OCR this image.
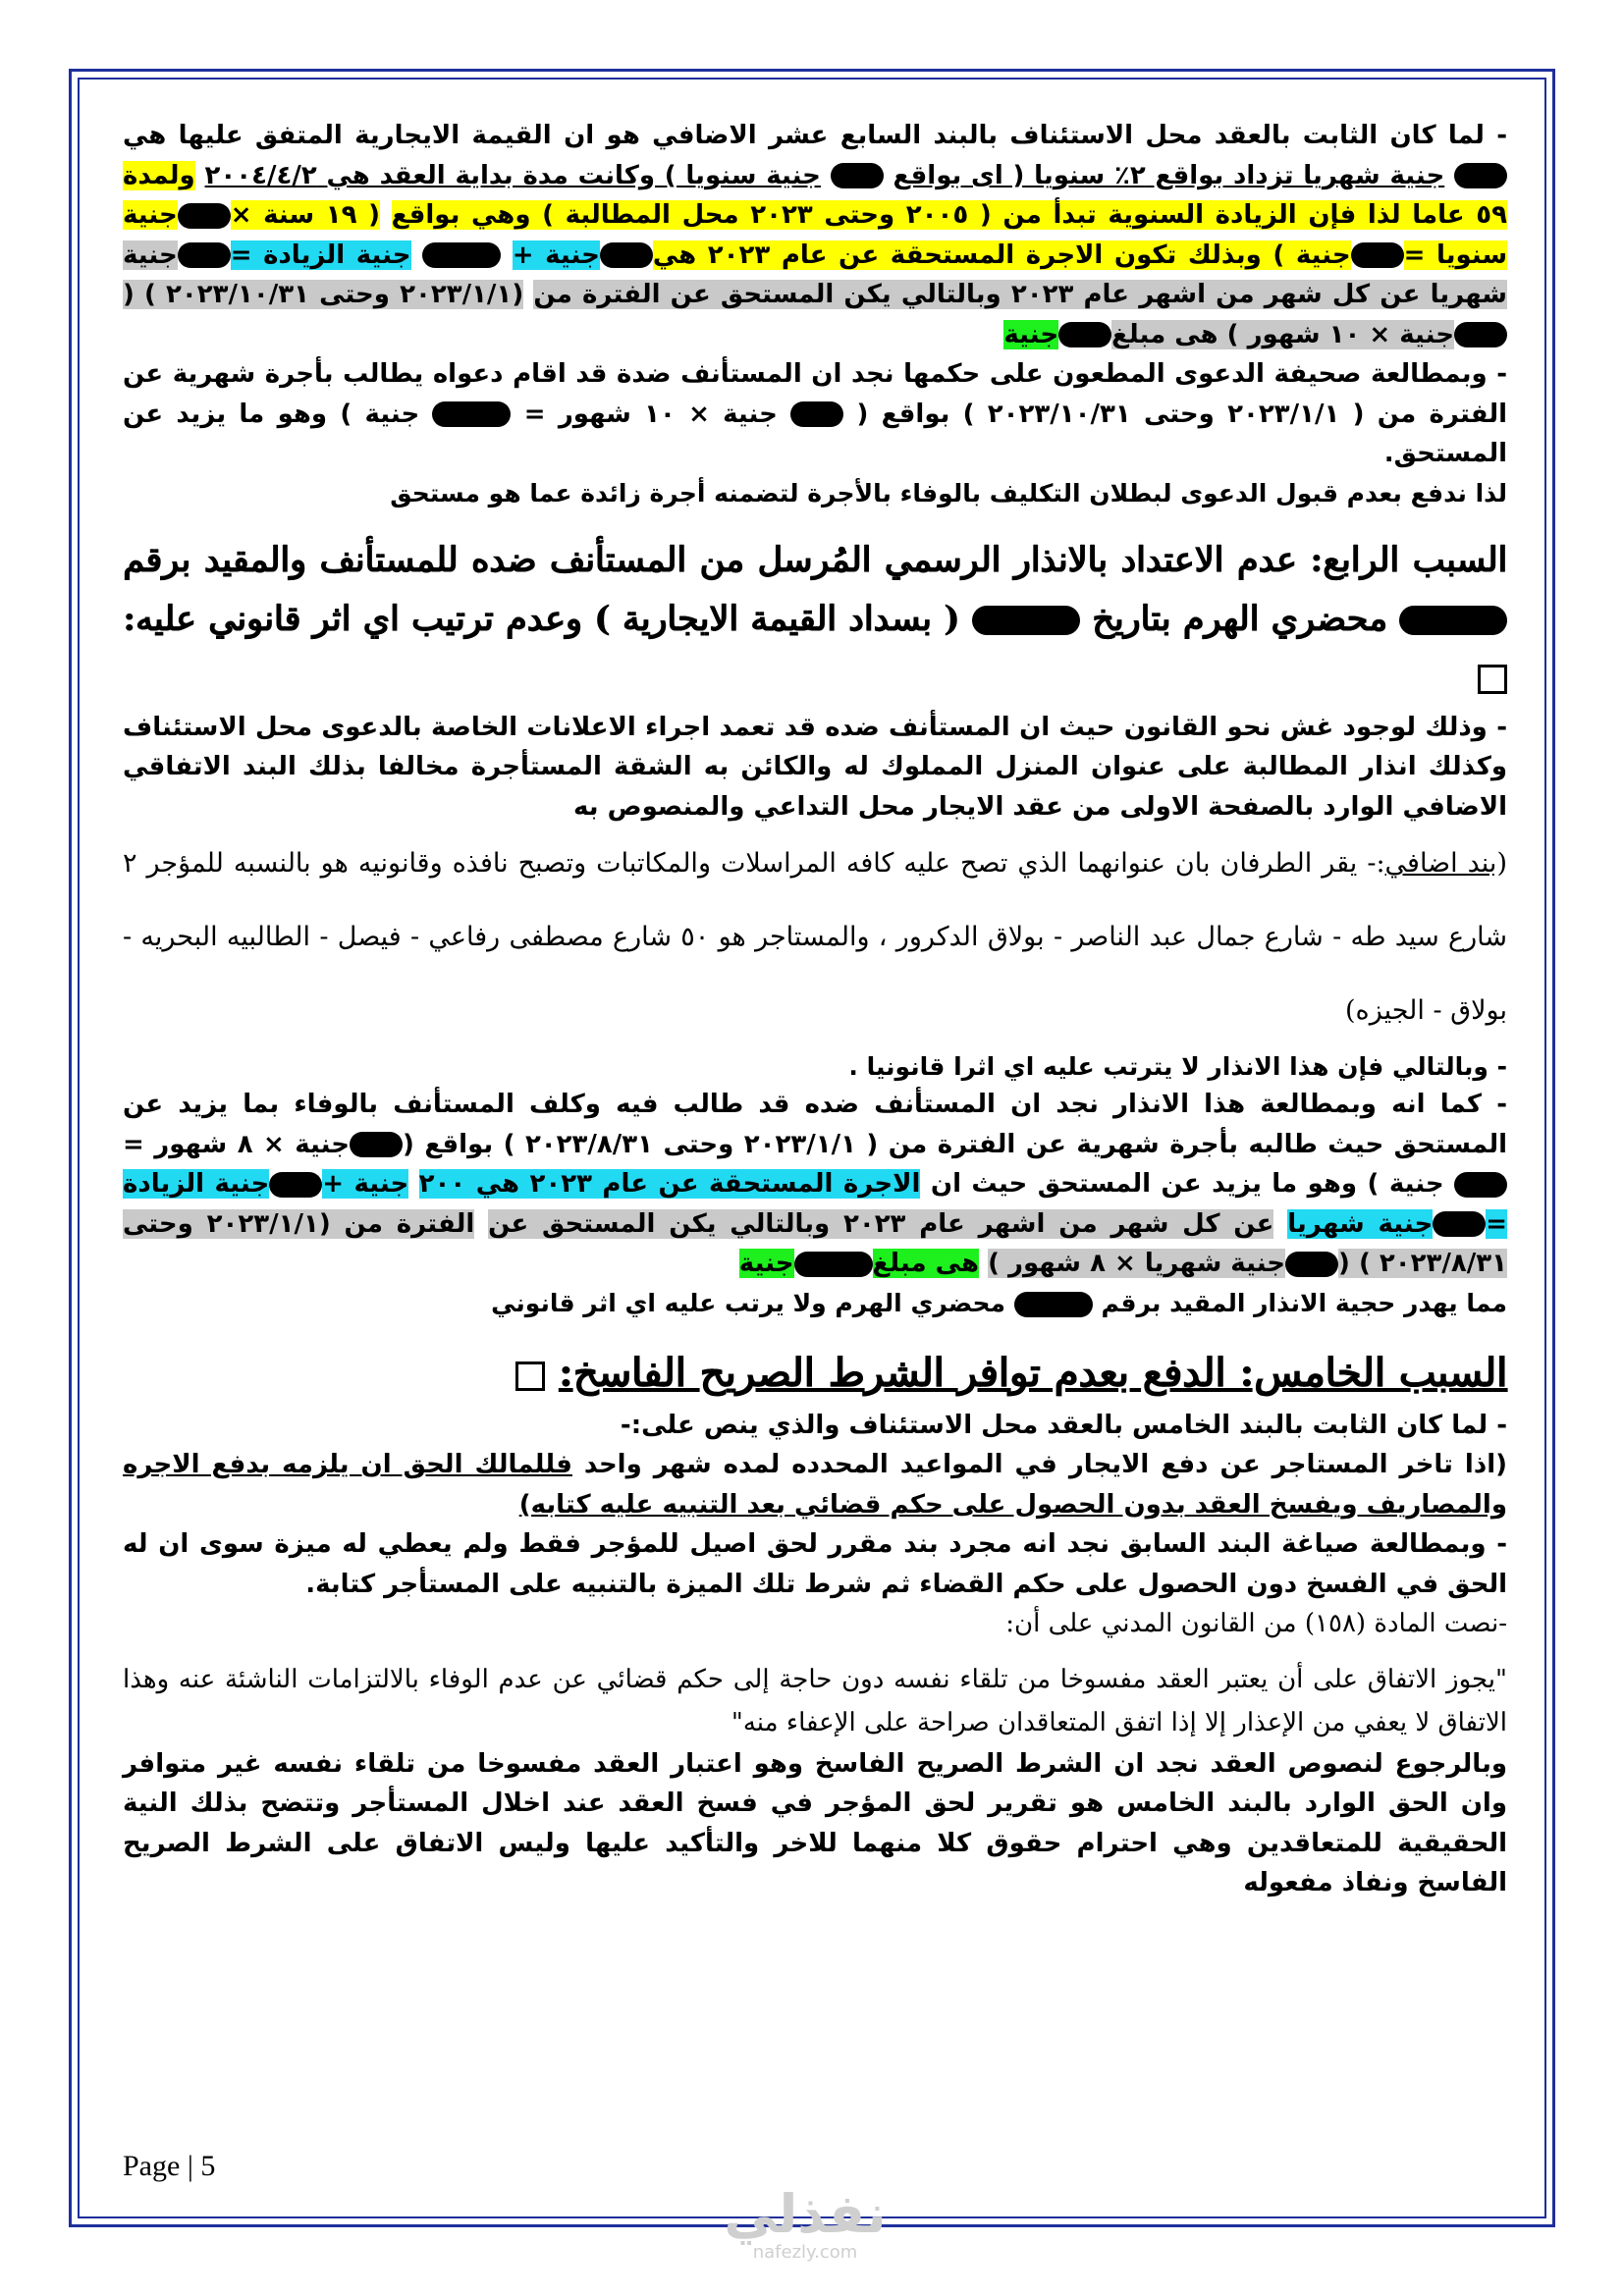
- لما كان الثابت بالعقد محل الاستئناف بالبند السابع عشر الاضافي هو ان القيمة الايجارية المتفق عليها هي  جنية شهريا تزداد بواقع ٢٪ سنويا ( اى بواقع  جنية سنويا ) وكانت مدة بداية العقد هي ٢٠٠٤/٤/٢ ولمدة ٥٩ عاما لذا فإن الزيادة السنوية تبدأ من ( ٢٠٠٥ وحتى ٢٠٢٣ محل المطالبة ) وهي بواقع ( ١٩ سنة ×جنية سنويا =جنية ) وبذلك تكون الاجرة المستحقة عن عام ٢٠٢٣ هيجنية +  جنية الزيادة =جنية شهريا عن كل شهر من اشهر عام ٢٠٢٣ وبالتالي يكن المستحق عن الفترة من (٢٠٢٣/١/١ وحتى ٢٠٢٣/١٠/٣١ ) (جنية × ١٠ شهور ) هى مبلغجنية

- وبمطالعة صحيفة الدعوى المطعون على حكمها نجد ان المستأنف ضدة قد اقام دعواه يطالب بأجرة شهرية عن الفترة من ( ٢٠٢٣/١/١ وحتى ٢٠٢٣/١٠/٣١ ) بواقع (  جنية × ١٠ شهور =  جنية ) وهو ما يزيد عن المستحق.

لذا ندفع بعدم قبول الدعوى لبطلان التكليف بالوفاء بالأجرة لتضمنه أجرة زائدة عما هو مستحق

السبب الرابع: عدم الاعتداد بالانذار الرسمي المُرسل من المستأنف ضده للمستأنف والمقيد برقم  محضري الهرم بتاريخ  ( بسداد القيمة الايجارية ) وعدم ترتيب اي اثر قانوني عليه:

- وذلك لوجود غش نحو القانون حيث ان المستأنف ضده قد تعمد اجراء الاعلانات الخاصة بالدعوى محل الاستئناف وكذلك انذار المطالبة على عنوان المنزل المملوك له والكائن به الشقة المستأجرة مخالفا بذلك البند الاتفاقي الاضافي الوارد بالصفحة الاولى من عقد الايجار محل التداعي والمنصوص به

(بند اضافي:- يقر الطرفان بان عنوانهما الذي تصح عليه كافه المراسلات والمكاتبات وتصبح نافذه وقانونيه هو بالنسبه للمؤجر ٢ شارع سيد طه - شارع جمال عبد الناصر - بولاق الدكرور ، والمستاجر هو ٥٠ شارع مصطفى رفاعي - فيصل - الطالبيه البحريه - بولاق - الجيزه)

- وبالتالي فإن هذا الانذار لا يترتب عليه اي اثرا قانونيا .

- كما انه وبمطالعة هذا الانذار نجد ان المستأنف ضده قد طالب فيه وكلف المستأنف بالوفاء بما يزيد عن المستحق حيث طالبه بأجرة شهرية عن الفترة من ( ٢٠٢٣/١/١ وحتى ٢٠٢٣/٨/٣١ ) بواقع (جنية × ٨ شهور =  جنية ) وهو ما يزيد عن المستحق حيث ان الاجرة المستحقة عن عام ٢٠٢٣ هي ٢٠٠ جنية +جنية الزيادة =جنية شهريا عن كل شهر من اشهر عام ٢٠٢٣ وبالتالي يكن المستحق عن الفترة من (٢٠٢٣/١/١ وحتى ٢٠٢٣/٨/٣١ ) (جنية شهريا × ٨ شهور ) هى مبلغجنية

مما يهدر حجية الانذار المقيد برقم  محضري الهرم ولا يرتب عليه اي اثر قانوني

السبب الخامس: الدفع بعدم توافر الشرط الصريح الفاسخ:

- لما كان الثابت بالبند الخامس بالعقد محل الاستئناف والذي ينص على:-

(اذا تاخر المستاجر عن دفع الايجار في المواعيد المحدده لمده شهر واحد فللمالك الحق ان يلزمه بدفع الاجره والمصاريف ويفسخ العقد بدون الحصول على حكم قضائي بعد التنبيه عليه كتابه)

- وبمطالعة صياغة البند السابق نجد انه مجرد بند مقرر لحق اصيل للمؤجر فقط ولم يعطي له ميزة سوى ان له الحق في الفسخ دون الحصول على حكم القضاء ثم شرط تلك الميزة بالتنبيه على المستأجر كتابة.

-نصت المادة (١٥٨) من القانون المدني على أن:

"يجوز الاتفاق على أن يعتبر العقد مفسوخا من تلقاء نفسه دون حاجة إلى حكم قضائي عن عدم الوفاء بالالتزامات الناشئة عنه وهذا الاتفاق لا يعفي من الإعذار إلا إذا اتفق المتعاقدان صراحة على الإعفاء منه"

وبالرجوع لنصوص العقد نجد ان الشرط الصريح الفاسخ وهو اعتبار العقد مفسوخا من تلقاء نفسه غير متوافر وان الحق الوارد بالبند الخامس هو تقرير لحق المؤجر في فسخ العقد عند اخلال المستأجر وتتضح بذلك النية الحقيقية للمتعاقدين وهي احترام حقوق كلا منهما للاخر والتأكيد عليها وليس الاتفاق على الشرط الصريح الفاسخ ونفاذ مفعوله

Page | 5
نفذلي
nafezly.com
